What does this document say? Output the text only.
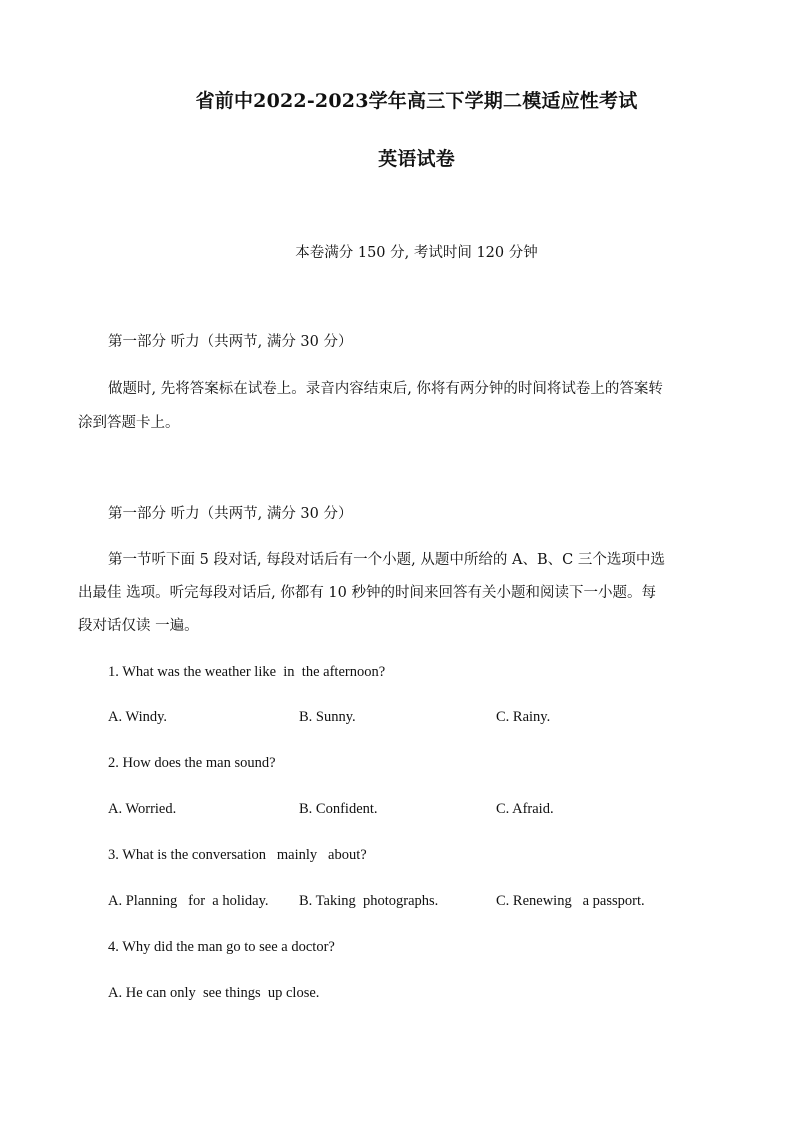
省前中2022-2023学年高三下学期二模适应性考试
英语试卷
本卷满分 150 分, 考试时间 120 分钟
第一部分 听力（共两节, 满分 30 分）
做题时, 先将答案标在试卷上。录音内容结束后, 你将有两分钟的时间将试卷上的答案转
涂到答题卡上。
第一部分 听力（共两节, 满分 30 分）
第一节听下面 5 段对话, 每段对话后有一个小题, 从题中所给的 A、B、C 三个选项中选
出最佳 选项。听完每段对话后, 你都有 10 秒钟的时间来回答有关小题和阅读下一小题。每
段对话仅读 一遍。
1. What was the weather like  in  the afternoon?
A. Windy.	B. Sunny.	C. Rainy.
2. How does the man sound?
A. Worried.	B. Confident.	C. Afraid.
3. What is the conversation   mainly   about?
A. Planning   for  a holiday. B. Taking  photographs.	C. Renewing   a passport.
4. Why did the man go to see a doctor?
A. He can only  see things  up close.
